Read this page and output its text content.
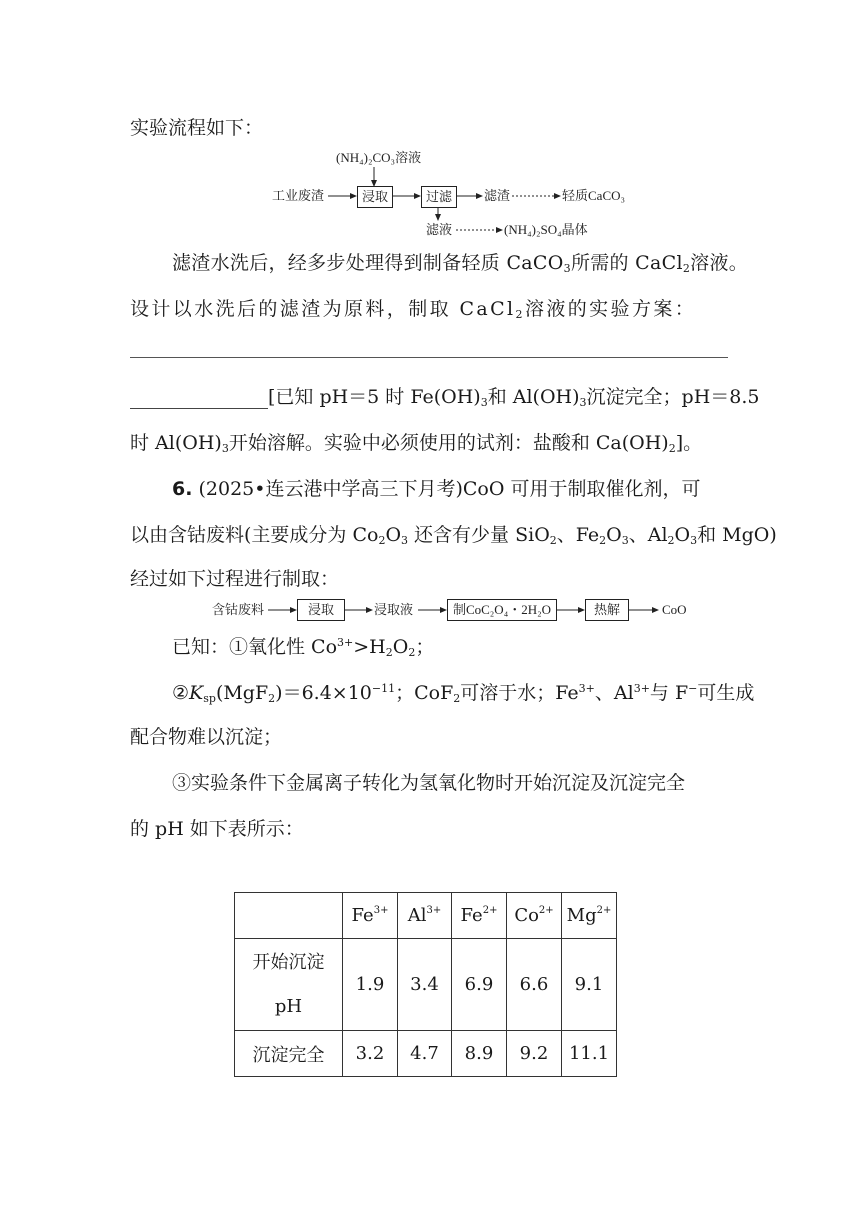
实验流程如下：
(NH₄)₂CO₃溶液
工业废渣	浸取	过滤	滤渣	轻质CaCO₃
滤液	(NH₄)₂SO₄晶体
滤渣水洗后，经多步处理得到制备轻质 CaCO$_3$所需的 CaCl$_2$溶液。
设计以水洗后的滤渣为原料，制取 CaCl$_2$溶液的实验方案：
[已知 pH＝5 时 $Fe(OH)_3$和 $Al(OH)_3$沉淀完全；pH＝8.5
时 $Al(OH)_3$开始溶解。实验中必须使用的试剂：盐酸和 $Ca(OH)_2$]。
6. (2025•连云港中学高三下月考)CoO 可用于制取催化剂，可
以由含钴废料(主要成分为 $Co_2O_3$ 还含有少量 SiO$_2$、$Fe_2O_3$、$Al_2O_3$和 MgO)
经过如下过程进行制取：
含钴废料	浸取	浸取液	制CoC₂O₄・2H₂O	热解	CoO
已知：①氧化性 $Co^{3+}>H_2O_2$；
$②K_{sp}(MgF_2)=6.4\times 10^{-11}$；CoF$_2$可溶于水；$Fe^{3+}$、$Al^{3+}$与 F−可生成
配合物难以沉淀；
③实验条件下金属离子转化为氢氧化物时开始沉淀及沉淀完全
的 pH 如下表所示：
	$Fe^{3+}$	$Al^{3+}$	$Fe^{2+}$	$Co^{2+}$	$Mg^{2+}$

开始沉淀
pH	1.9	3.4	6.9	6.6	9.1
沉淀完全	3.2	4.7	8.9	9.2	11.1
